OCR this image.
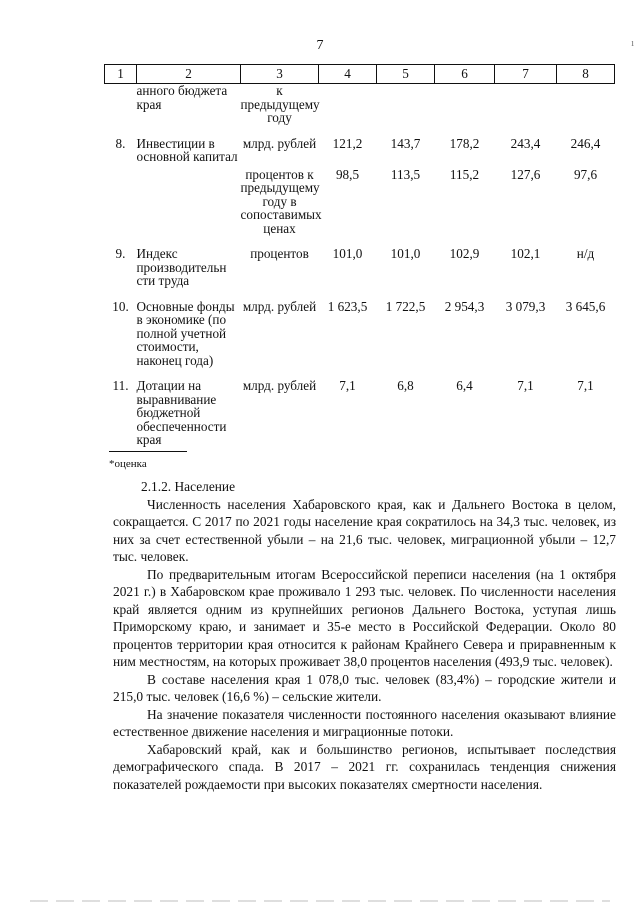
7	ı
1	2	3	4	5	6	7	8
	анного бюджета края	к предыдущему году					
8.	Инвестиции в основной капитал	млрд. рублей	121,2	143,7	178,2	243,4	246,4
		процентов к предыдущему году в сопоставимых ценах	98,5	113,5	115,2	127,6	97,6
9.	Индекс производительн сти труда	процентов	101,0	101,0	102,9	102,1	н/д
10.	Основные фонды в экономике (по полной учетной стоимости, наконец года)	млрд. рублей	1 623,5	1 722,5	2 954,3	3 079,3	3 645,6
11.	Дотации на выравнивание бюджетной обеспеченности края	млрд. рублей	7,1	6,8	6,4	7,1	7,1
*оценка

2.1.2. Население

Численность населения Хабаровского края, как и Дальнего Востока в целом, сокращается. С 2017 по 2021 годы население края сократилось на 34,3 тыс. человек, из них за счет естественной убыли – на 21,6 тыс. человек, миграционной убыли – 12,7 тыс. человек.

По предварительным итогам Всероссийской переписи населения (на 1 октября 2021 г.) в Хабаровском крае проживало 1 293 тыс. человек. По численности населения край является одним из крупнейших регионов Дальнего Востока, уступая лишь Приморскому краю, и занимает и 35-е место в Российской Федерации. Около 80 процентов территории края относится к районам Крайнего Севера и приравненным к ним местностям, на которых проживает 38,0 процентов населения (493,9 тыс. человек).

В составе населения края 1 078,0 тыс. человек (83,4%) – городские жители и 215,0 тыс. человек (16,6 %) – сельские жители.

На значение показателя численности постоянного населения оказывают влияние естественное движение населения и миграционные потоки.

Хабаровский край, как и большинство регионов, испытывает последствия демографического спада. В 2017 – 2021 гг. сохранилась тенденция снижения показателей рождаемости при высоких показателях смертности населения.
